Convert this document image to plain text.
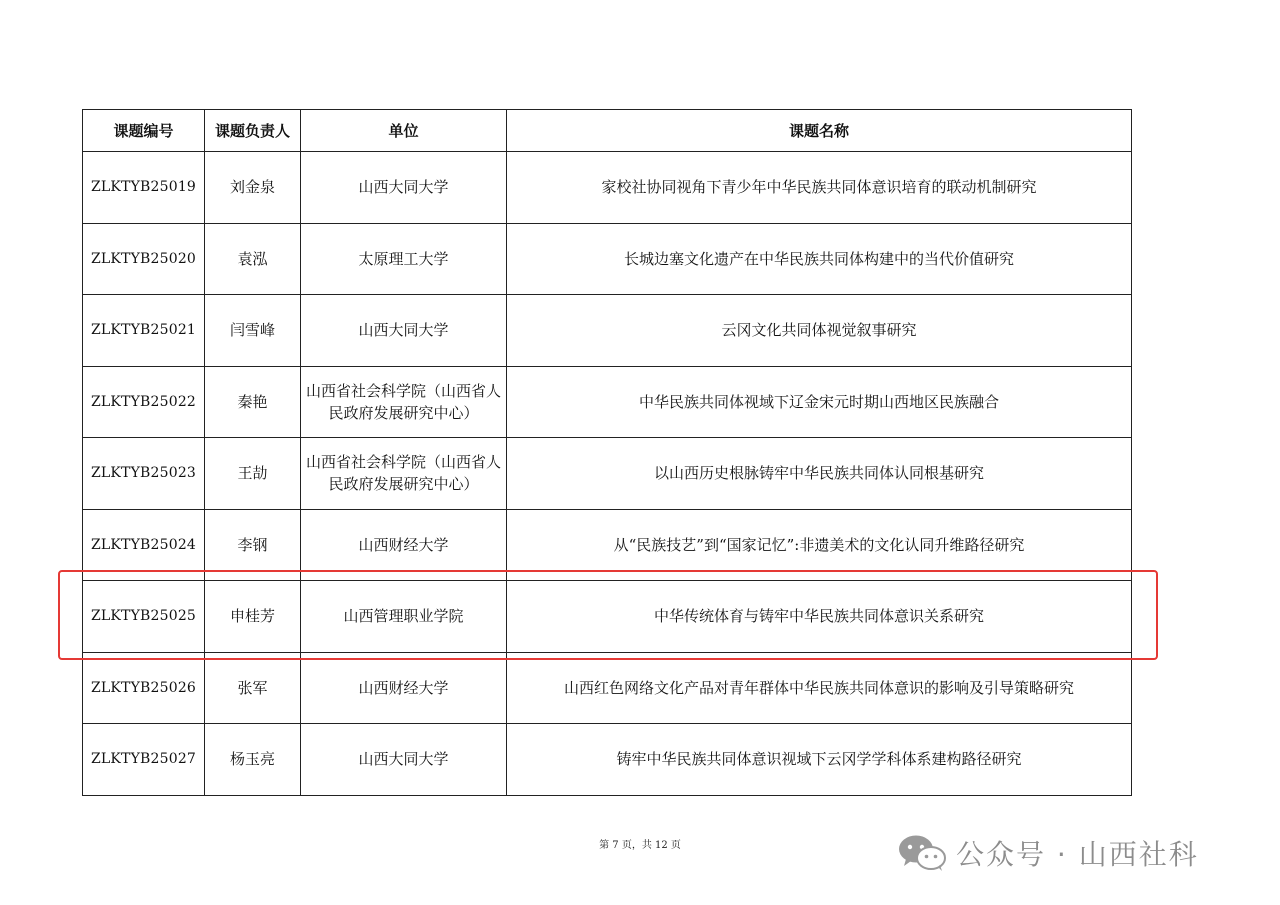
课题编号	课题负责人	单位	课题名称
ZLKTYB25019	刘金泉	山西大同大学	家校社协同视角下青少年中华民族共同体意识培育的联动机制研究
ZLKTYB25020	袁泓	太原理工大学	长城边塞文化遗产在中华民族共同体构建中的当代价值研究
ZLKTYB25021	闫雪峰	山西大同大学	云冈文化共同体视觉叙事研究
ZLKTYB25022	秦艳	山西省社会科学院（山西省人民政府发展研究中心）	中华民族共同体视域下辽金宋元时期山西地区民族融合
ZLKTYB25023	王劼	山西省社会科学院（山西省人民政府发展研究中心）	以山西历史根脉铸牢中华民族共同体认同根基研究
ZLKTYB25024	李钢	山西财经大学	从“民族技艺”到“国家记忆”:非遗美术的文化认同升维路径研究
ZLKTYB25025	申桂芳	山西管理职业学院	中华传统体育与铸牢中华民族共同体意识关系研究
ZLKTYB25026	张军	山西财经大学	山西红色网络文化产品对青年群体中华民族共同体意识的影响及引导策略研究
ZLKTYB25027	杨玉亮	山西大同大学	铸牢中华民族共同体意识视域下云冈学学科体系建构路径研究
第 7 页，共 12 页	公众号 · 山西社科
